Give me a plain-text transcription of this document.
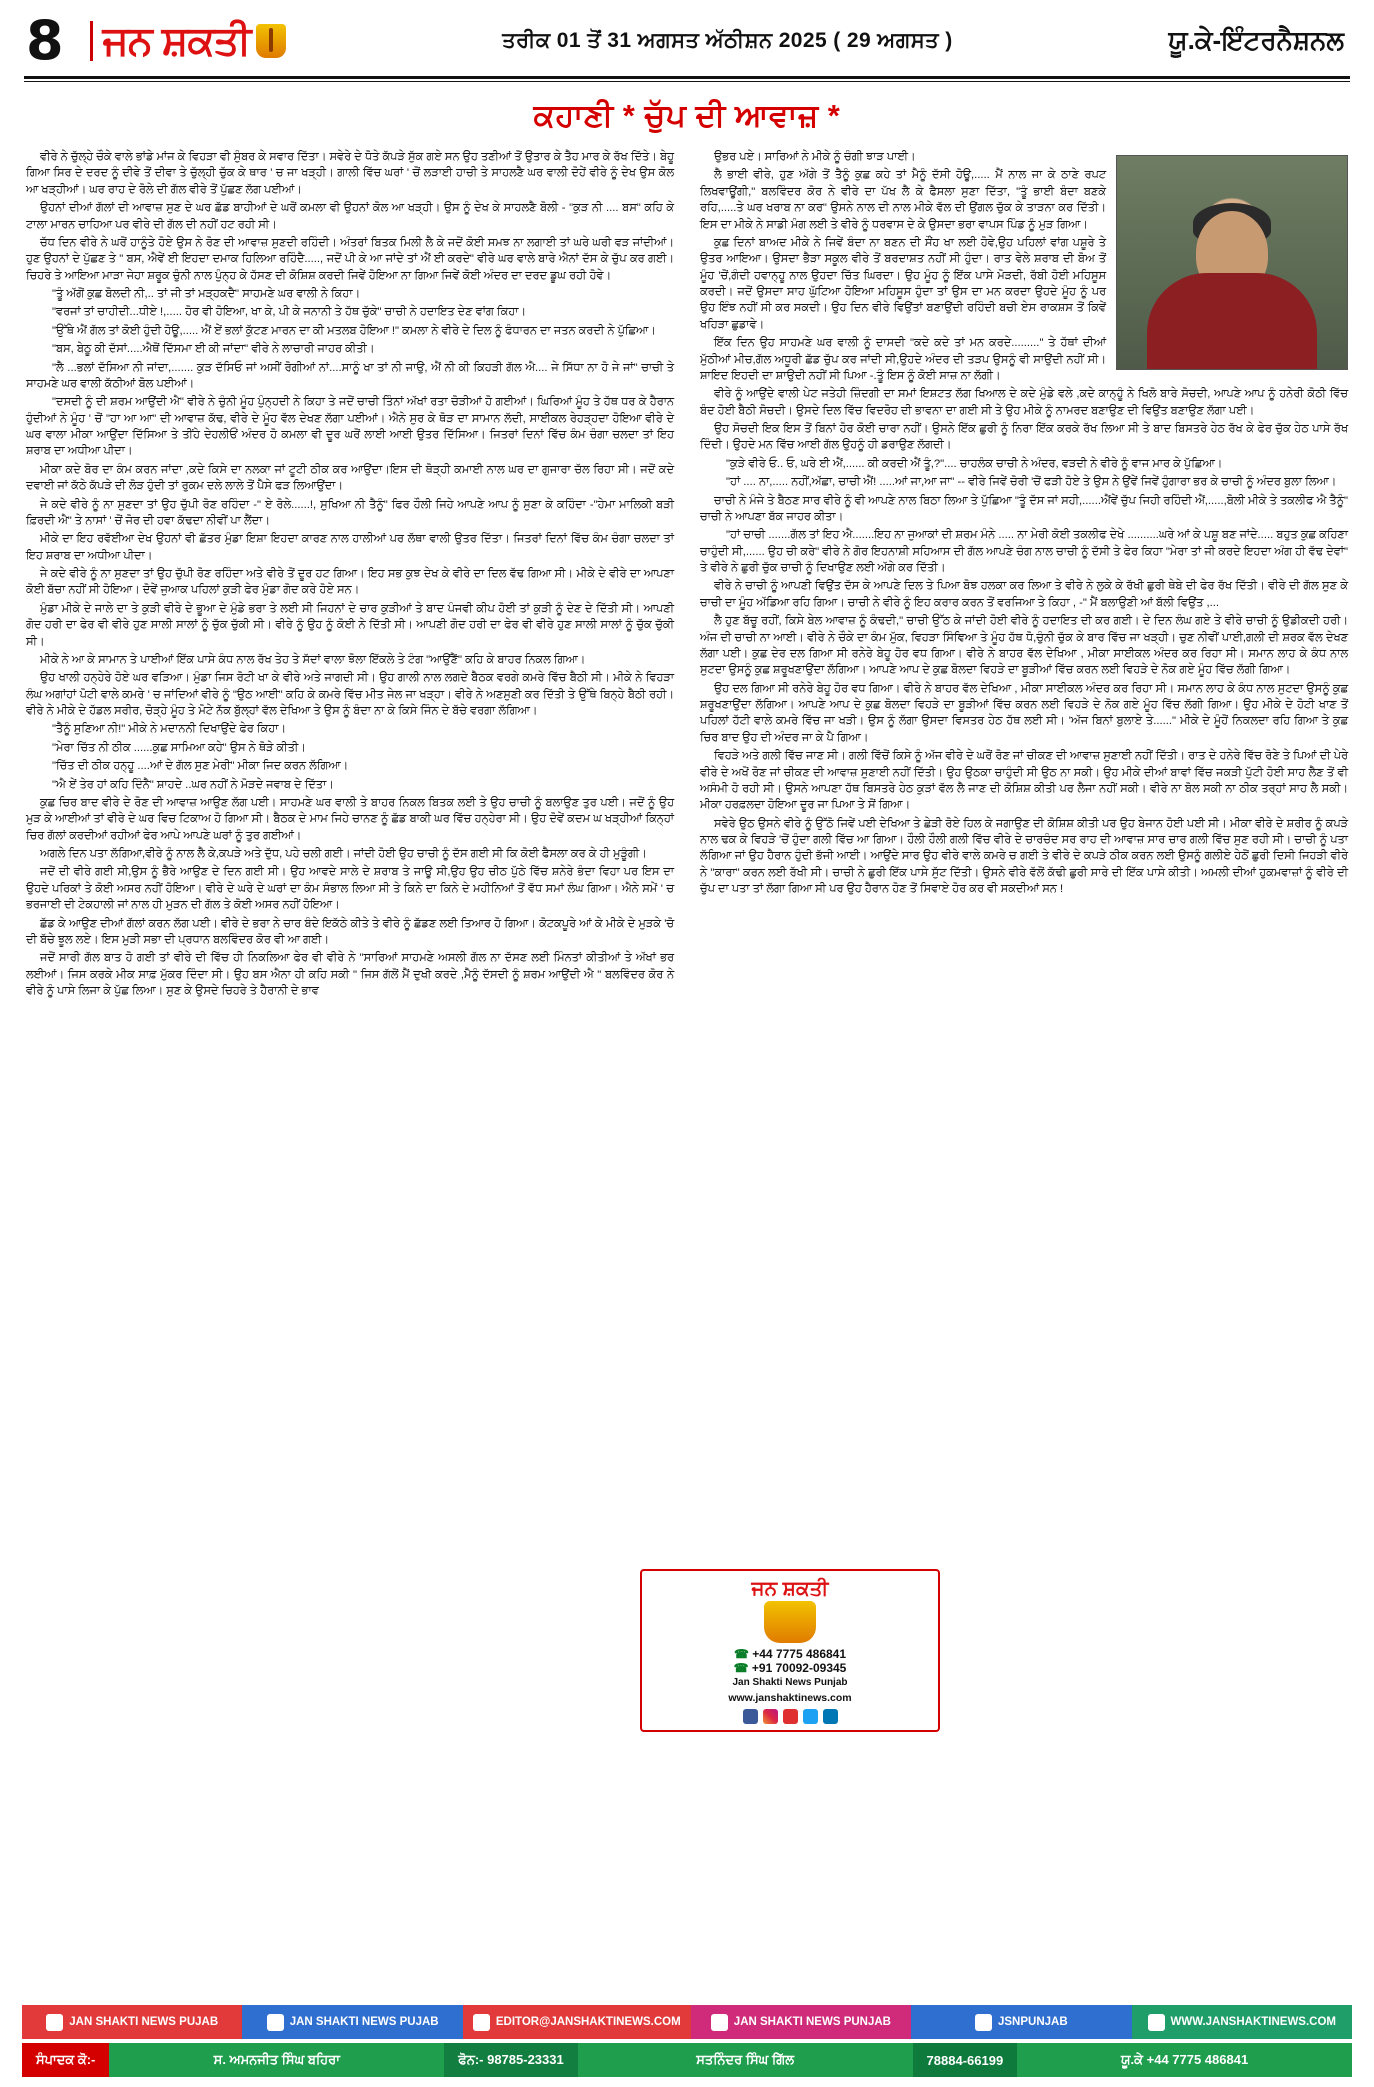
8 ਜਨ ਸ਼ਕਤੀ	ਤਰੀਕ 01 ਤੋਂ 31 ਅਗਸਤ ਅੱਠੀਸ਼ਨ 2025 ( 29 ਅਗਸਤ )	ਯੂ.ਕੇ-ਇੰਟਰਨੈਸ਼ਨਲ
ਕਹਾਣੀ * ਚੁੱਪ ਦੀ ਆਵਾਜ਼ *

ਵੀਰੇ ਨੇ ਚੁੱਲ੍ਹੇ ਚੌਕੇ ਵਾਲੇ ਭਾਂਡੇ ਮਾਂਜ ਕੇ ਵਿਹੜਾ ਵੀ ਸੁੰਬਰ ਕੇ ਸਵਾਰ ਦਿੱਤਾ। ਸਵੇਰੇ ਦੇ ਧੋਤੇ ਕੱਪੜੇ ਸੁੱਕ ਗਏ ਸਨ ਉਹ ਤਣੀਆਂ ਤੋਂ ਉਤਾਰ ਕੇ ਤੈਹ ਮਾਰ ਕੇ ਰੱਖ ਦਿੱਤੇ। ਬੇਹੂ ਗਿਆ ਸਿਰ ਦੇ ਦਰਦ ਨੂੰ ਦੀਵੇ ਤੋਂ ਦੀਵਾ ਤੇ ਚੁੱਲ੍ਹੀ ਚੁੱਕ ਕੇ ਥਾਰ ' ਚ ਜਾ ਖੜ੍ਹੀ। ਗਾਲੀ ਵਿੱਚ ਘਰਾਂ ' ਚੋਂ ਲੜਾਈ ਹਾਚੀ ਤੇ ਸਾਹਲਣੈ ਘਰ ਵਾਲੀ ਦੋਹੇਂ ਵੀਰੇ ਨੂੰ ਦੇਖ ਉਸ ਕੋਲ ਆ ਖੜ੍ਹੀਆਂ। ਘਰ ਰਾਹ ਦੇ ਰੋਲੇ ਦੀ ਗੱਲ ਵੀਰੇ ਤੋਂ ਪੁੱਛਣ ਲੱਗ ਪਈਆਂ।

ਉਹਨਾਂ ਦੀਆਂ ਗੱਲਾਂ ਦੀ ਆਵਾਜ਼ ਸੁਣ ਦੇ ਘਰ ਛੱਡ ਬਾਹੀਆਂ ਦੇ ਘਰੋਂ ਕਮਲਾ ਵੀ ਉਹਨਾਂ ਕੋਲ ਆ ਖੜ੍ਹੀ। ਉਸ ਨੂੰ ਦੇਖ ਕੇ ਸਾਹਲਣੈ ਬੋਲੀ - "ਕੁੜ ਨੀ .... ਬਸ" ਕਹਿ ਕੇ ਟਾਲਾ ਮਾਰਨ ਚਾਹਿਆ ਪਰ ਵੀਰੇ ਦੀ ਗੱਲ ਦੀ ਨਹੀਂ ਹਟ ਰਹੀ ਸੀ।

ਚੱਧ ਦਿਨ ਵੀਰੇ ਨੇ ਘਰੋਂ ਹਾਨੂੰਤੇ ਹੋਏ ਉਸ ਨੇ ਰੋਣ ਦੀ ਆਵਾਜ਼ ਸੁਣਦੀ ਰਹਿੰਦੀ। ਅੰਤਰਾਂ ਬਿਤਕ ਮਿਲੀ ਲੈ ਕੇ ਜਦੋਂ ਕੋਈ ਸਮਝ ਨਾ ਲਗਾਈ ਤਾਂ ਘਰੇ ਘਰੀ ਵੜ ਜਾਂਦੀਆਂ। ਹੁਣ ਉਹਨਾਂ ਦੇ ਪੁੱਛਣ ਤੇ " ਬਸ, ਐਵੇਂ ਈ ਇਹਦਾ ਦਮਾਕ ਹਿਲਿਆ ਰਹਿੰਦੈ....., ਜਦੋਂ ਪੀ ਕੇ ਆ ਜਾਂਦੇ ਤਾਂ ਐਂ ਈ ਕਰਦੇ" ਵੀਰੇ ਘਰ ਵਾਲੇ ਬਾਰੇ ਐਨਾਂ ਦੱਸ ਕੇ ਚੁੱਪ ਕਰ ਗਈ। ਚਿਹਰੇ ਤੇ ਆਇਆ ਮਾੜਾ ਜੇਹਾ ਸ਼ਰੂਕ ਚੁੰਨੀ ਨਾਲ ਪੁੰਨ੍ਹ ਕੇ ਹੱਸਣ ਦੀ ਕੋਸ਼ਿਸ਼ ਕਰਦੀ ਜਿਵੇਂ ਹੋਇਆ ਨਾ ਗਿਆ ਜਿਵੇਂ ਕੋਈ ਅੰਦਰ ਦਾ ਦਰਦ ਡੂਘ ਰਹੀ ਹੋਵੇ।

"ਤੂੰ ਅੱਗੋਂ ਕੁਛ ਬੋਲਦੀ ਨੀ,.. ਤਾਂ ਜੀ ਤਾਂ ਮੜ੍ਹਕਦੈ" ਸਾਹਮਣੇ ਘਰ ਵਾਲੀ ਨੇ ਕਿਹਾ।

"ਵਰਜਾਂ ਤਾਂ ਚਾਹੀਦੀ...ਧੀਏ !,..... ਹੋਰ ਵੀ ਹੋਇਆ, ਖਾ ਕੇ, ਪੀ ਕੇ ਜਨਾਨੀ ਤੇ ਹੱਥ ਚੁੱਕੇ" ਚਾਚੀ ਨੇ ਹਦਾਇਤ ਦੇਣ ਵਾਂਗ ਕਿਹਾ।

"ਉੱਥੇ ਐਂ ਗੱਲ ਤਾਂ ਕੋਈ ਹੁੰਦੀ ਹੋਊ,..... ਐਂ ਏਂ ਭਲਾਂ ਕੁੱਟਣ ਮਾਰਨ ਦਾ ਕੀ ਮਤਲਬ ਹੋਇਆ !" ਕਮਲਾ ਨੇ ਵੀਰੇ ਦੇ ਦਿਲ ਨੂੰ ਫੰਧਾਰਨ ਦਾ ਜਤਨ ਕਰਦੀ ਨੇ ਪੁੱਛਿਆ।

"ਬਸ, ਬੇਠੂ ਕੀ ਦੱਸਾਂ.....ਐਥੋਂ ਦਿੱਸਮਾ ਈ ਕੀ ਜਾਂਦਾ" ਵੀਰੇ ਨੇ ਲਾਚਾਰੀ ਜਾਹਰ ਕੀਤੀ।

"ਲੈ ...ਭਲਾਂ ਦੱਸਿਆ ਨੀ ਜਾਂਦਾ,....... ਕੁੜ ਦੱਸਿਓ ਜਾਂ ਅਸੀਂ ਰੋਗੀਆਂ ਨਾਂ....ਸਾਨੂੰ ਖਾ ਤਾਂ ਨੀ ਜਾਉ, ਐਂ ਨੀ ਕੀ ਕਿਹੜੀ ਗੱਲ ਐ.... ਜੇ ਸਿੱਧਾ ਨਾ ਹੋ ਜੇ ਜਾਂ" ਚਾਚੀ ਤੇ ਸਾਹਮਣੇ ਘਰ ਵਾਲੀ ਕੱਠੀਆਂ ਬੋਲ ਪਈਆਂ।

"ਦਸਦੀ ਨੂੰ ਦੀ ਸ਼ਰਮ ਆਉਂਦੀ ਐ" ਵੀਰੇ ਨੇ ਚੁੰਨੀ ਮੂੰਹ ਪੁੰਨ੍ਹਦੀ ਨੇ ਕਿਹਾ ਤੇ ਜਦੋਂ ਚਾਚੀ ਤਿੰਨਾਂ ਅੱਖਾਂ ਰਤਾ ਚੋੜੀਆਂ ਹੋ ਗਈਆਂ। ਘਿਰਿਆਂ ਮੂੰਹ ਤੇ ਹੱਥ ਧਰ ਕੇ ਹੈਰਾਨ ਹੁੰਦੀਆਂ ਨੇ ਮੂੰਹ ' ਚੋਂ "ਹਾ ਆ ਆ" ਦੀ ਆਵਾਜ਼ ਕੱਢ, ਵੀਰੇ ਦੇ ਮੂੰਹ ਵੱਲ ਦੇਖਣ ਲੱਗਾ ਪਈਆਂ। ਐਨੇ ਸੁਰ ਕੇ ਥੋੜ ਦਾ ਸਾਮਾਨ ਲੱਦੀ, ਸਾਈਕਲ ਰੇਹੜ੍ਹਦਾ ਹੋਇਆ ਵੀਰੇ ਦੇ ਘਰ ਵਾਲਾ ਮੀਕਾ ਆਉਂਦਾ ਦਿੱਸਿਆ ਤੇ ਤੀਂਹੇ ਦੇਹਲੀਓਂ ਅੰਦਰ ਹੋ ਕਮਲਾ ਵੀ ਦੂਰ ਘਰੋਂ ਲਾਈ ਆਈ ਉਤਰ ਦਿੱਸਿਆ। ਜਿਤਰਾਂ ਦਿਨਾਂ ਵਿੱਚ ਕੰਮ ਚੰਗਾ ਚਲਦਾ ਤਾਂ ਇਹ ਸ਼ਰਾਬ ਦਾ ਅਧੀਆ ਪੀਦਾ।

ਮੀਕਾ ਕਦੇ ਬੋਰ ਦਾ ਕੰਮ ਕਰਨ ਜਾਂਦਾ ,ਕਦੇ ਕਿਸੇ ਦਾ ਨਲਕਾ ਜਾਂ ਟੂਟੀ ਠੀਕ ਕਰ ਆਉਂਦਾ।ਇਸ ਦੀ ਥੋੜ੍ਹੀ ਕਮਾਈ ਨਾਲ ਘਰ ਦਾ ਗੁਜਾਰਾ ਚੱਲ ਰਿਹਾ ਸੀ। ਜਦੋਂ ਕਦੇ ਦਵਾਈ ਜਾਂ ਕੱਠੇ ਕੱਪੜੇ ਦੀ ਲੋੜ ਹੁੰਦੀ ਤਾਂ ਰੁਕਮ ਦਲੇ ਲਾਲੇ ਤੋਂ ਪੈਸੇ ਫੜ ਲਿਆਉਂਦਾ।

ਜੇ ਕਦੇ ਵੀਰੇ ਨੂੰ ਨਾ ਸੁਣਦਾ ਤਾਂ ਉਹ ਚੁੱਪੀ ਰੋਣ ਰਹਿੰਦਾ -" ਏ ਰੋਲੇ......!, ਸੁਖਿਆ ਨੀ ਤੈਨੂੰ" ਫਿਰ ਹੌਲੀ ਜਿਹੇ ਆਪਣੇ ਆਪ ਨੂੰ ਸੁਣਾ ਕੇ ਕਹਿੰਦਾ -"ਹੇਮਾ ਮਾਲਿਕੀ ਬੜੀ ਫ਼ਿਰਦੀ ਐ" ਤੇ ਨਾਸਾਂ ' ਚੋਂ ਜੋਰ ਦੀ ਹਵਾ ਕੱਢਦਾ ਨੀਵੀਂ ਪਾ ਲੈਂਦਾ।

ਮੀਕੇ ਦਾ ਇਹ ਰਵੱਈਆ ਦੇਖ ਉਹਨਾਂ ਵੀ ਛੱਤਰ ਮੁੰਡਾ ਇਸ਼ਾ ਇਹਦਾ ਕਾਰਣ ਨਾਲ ਹਾਲੀਆਂ ਪਰ ਲੱਥਾ ਵਾਲੀ ਉਤਰ ਦਿੱਤਾ। ਜਿਤਰਾਂ ਦਿਨਾਂ ਵਿੱਚ ਕੰਮ ਚੰਗਾ ਚਲਦਾ ਤਾਂ ਇਹ ਸ਼ਰਾਬ ਦਾ ਅਧੀਆ ਪੀਦਾ।

ਜੇ ਕਦੇ ਵੀਰੇ ਨੂੰ ਨਾ ਸੁਣਦਾ ਤਾਂ ਉਹ ਚੁੱਪੀ ਰੋਣ ਰਹਿੰਦਾ ਅਤੇ ਵੀਰੇ ਤੋਂ ਦੂਰ ਹਟ ਗਿਆ। ਇਹ ਸਭ ਕੁਝ ਦੇਖ ਕੇ ਵੀਰੇ ਦਾ ਦਿਲ ਵੱਢ ਗਿਆ ਸੀ। ਮੀਕੇ ਦੇ ਵੀਰੇ ਦਾ ਆਪਣਾ ਕੋਈ ਬੱਚਾ ਨਹੀਂ ਸੀ ਹੋਇਆ। ਦੋਵੇਂ ਜੁਆਕ ਪਹਿਲਾਂ ਕੁੜੀ ਫੇਰ ਮੁੰਡਾ ਗੋਦ ਕਰੇ ਹੋਏ ਸਨ।

ਮੁੰਡਾ ਮੀਕੇ ਦੇ ਜਾਲੇ ਦਾ ਤੇ ਕੁੜੀ ਵੀਰੇ ਦੇ ਭੂਆ ਦੇ ਮੁੰਡੇ ਭਰਾ ਤੇ ਲਈ ਸੀ ਜਿਹਨਾਂ ਦੇ ਚਾਰ ਕੁੜੀਆਂ ਤੇ ਬਾਦ ਪੰਜਵੀ ਕੀਪ ਹੋਈ ਤਾਂ ਕੁੜੀ ਨੂੰ ਦੇਣ ਦੇ ਦਿੱਤੀ ਸੀ। ਆਪਣੀ ਗੋਦ ਹਰੀ ਦਾ ਫੇਰ ਵੀ ਵੀਰੇ ਹੁਣ ਸਾਲੀ ਸਾਲਾਂ ਨੂੰ ਚੁੱਕ ਚੁੱਕੀ ਸੀ। ਵੀਰੇ ਨੂੰ ਉਹ ਨੂੰ ਕੋਈ ਨੇ ਦਿੱਤੀ ਸੀ। ਆਪਣੀ ਗੋਦ ਹਰੀ ਦਾ ਫੇਰ ਵੀ ਵੀਰੇ ਹੁਣ ਸਾਲੀ ਸਾਲਾਂ ਨੂੰ ਚੁੱਕ ਚੁੱਕੀ ਸੀ।

ਮੀਕੇ ਨੇ ਆ ਕੇ ਸਾਮਾਨ ਤੇ ਪਾਈਆਂ ਇੱਕ ਪਾਸੇ ਕੰਧ ਨਾਲ ਰੱਖ ਤੇਹ ਤੇ ਸੱਦਾਂ ਵਾਲਾ ਝੋਲਾ ਇੱਕਲੇ ਤੇ ਟੰਗ "ਆਉਂਣੈਂ" ਕਹਿ ਕੇ ਬਾਹਰ ਨਿਕਲ ਗਿਆ।

ਉਹ ਖਾਲੀ ਹਨ੍ਹੇਰੇ ਹੋਏ ਘਰ ਵੜਿਆ। ਮੁੰਡਾ ਜਿਸ ਰੋਟੀ ਖਾ ਕੇ ਵੀਰੇ ਅਤੇ ਜਾਗਦੀ ਸੀ। ਉਹ ਗਾਲੀ ਨਾਲ ਲਗਦੇ ਬੈਠਕ ਵਰਗੇ ਕਮਰੇ ਵਿੱਚ ਬੈਠੀ ਸੀ। ਮੀਕੇ ਨੇ ਵਿਹੜਾ ਲੰਘ ਅਗਾਂਹਾਂ ਪੋਟੀ ਵਾਲੇ ਕਮਰੇ ' ਚ ਜਾਂਦਿਆਂ ਵੀਰੇ ਨੂੰ "ਉਠ ਆਈ" ਕਹਿ ਕੇ ਕਮਰੇ ਵਿੱਚ ਮੀਤ ਜੇਲ ਜਾ ਖੜ੍ਹਾ। ਵੀਰੇ ਨੇ ਅਣਸੁਣੀ ਕਰ ਦਿੱਤੀ ਤੇ ਉੱਥੇ ਬਿਨ੍ਹੇ ਬੈਠੀ ਰਹੀ। ਵੀਰੇ ਨੇ ਮੀਕੇ ਦੇ ਹੱਡਲ ਸਰੀਰ, ਚੋੜ੍ਹੇ ਮੂੰਹ ਤੇ ਮੋਟੇ ਨੱਕ ਬੁੱਲ੍ਹਾਂ ਵੱਲ ਦੇਖਿਆ ਤੇ ਉਸ ਨੂੰ ਬੰਦਾ ਨਾ ਕੇ ਕਿਸੇ ਜਿੰਨ ਦੇ ਬੱਚੇ ਵਰਗਾ ਲੱਗਿਆ।

"ਤੈਨੂੰ ਸੁਣਿਆ ਨੀ!" ਮੀਕੇ ਨੇ ਮਦਾਨਨੀ ਦਿਖਾਉਂਦੇ ਫੇਰ ਕਿਹਾ।

"ਮੇਰਾ ਚਿੱਤ ਨੀ ਠੀਕ ......ਕੁਛ ਸਾਮਿਆ ਕਹੇ" ਉਸ ਨੇ ਥੋੜੇ ਕੀਤੀ।

"ਚਿੱਤ ਦੀ ਠੀਕ ਹਨ੍ਹੂ ....ਆਂ ਦੇ ਗੱਲ ਸੁਣ ਮੇਰੀ" ਮੀਕਾ ਜਿਦ ਕਰਨ ਲੱਗਿਆ।

"ਐ ਏਂ ਤੇਰ ਹਾਂ ਕਹਿ ਦਿੰਨੈ" ਸ਼ਾਹਦੇ ..ਘਰ ਨਹੀਂ ਨੇ ਮੋੜਦੇ ਜਵਾਬ ਦੇ ਦਿੱਤਾ।

ਕੁਛ ਚਿਰ ਬਾਦ ਵੀਰੇ ਦੇ ਰੋਣ ਦੀ ਆਵਾਜ਼ ਆਉਣ ਲੱਗ ਪਈ। ਸਾਹਮਣੇ ਘਰ ਵਾਲੀ ਤੇ ਬਾਹਰ ਨਿਕਲ ਬਿਤਕ ਲਈ ਤੇ ਉਹ ਚਾਚੀ ਨੂੰ ਬਲਾਉਣ ਤੁਰ ਪਈ। ਜਦੋਂ ਨੂੰ ਉਹ ਮੁੜ ਕੇ ਆਈਆਂ ਤਾਂ ਵੀਰੇ ਦੇ ਘਰ ਵਿਚ ਟਿਕਾਅ ਹੋ ਗਿਆ ਸੀ। ਬੈਠਕ ਦੇ ਮਾਮ ਜਿਹੇ ਚਾਨਣ ਨੂੰ ਛੱਡ ਬਾਕੀ ਘਰ ਵਿੱਚ ਹਨ੍ਹੇਰਾ ਸੀ। ਉਹ ਦੋਵੇਂ ਕਦਮ ਘ ਖੜ੍ਹੀਆਂ ਕਿਨ੍ਹਾਂ ਚਿਰ ਗੱਲਾਂ ਕਰਦੀਆਂ ਰਹੀਆਂ ਫੇਰ ਆਪੇ ਆਪਣੇ ਘਰਾਂ ਨੂੰ ਤੁਰ ਗਈਆਂ।

ਅਗਲੇ ਦਿਨ ਪਤਾ ਲੱਗਿਆ,ਵੀਰੇ ਨੂੰ ਨਾਲ ਲੈ ਕੇ,ਕਪੜੇ ਅਤੇ ਦੁੱਧ, ਪਹੇ ਚਲੀ ਗਈ। ਜਾਂਦੀ ਹੋਈ ਉਹ ਚਾਚੀ ਨੂੰ ਦੱਸ ਗਈ ਸੀ ਕਿ ਕੋਈ ਫੈਸਲਾ ਕਰ ਕੇ ਹੀ ਮੁੜੂੰਗੀ।

ਜਦੋਂ ਦੀ ਵੀਰੇ ਗਈ ਸੀ,ਉਸ ਨੂੰ ਭੈਰੇ ਆਉਣ ਦੇ ਦਿਨ ਗਈ ਸੀ। ਉਹ ਆਵਦੇ ਸਾਲੇ ਦੇ ਸ਼ਰਾਬ ਤੇ ਜਾਊ ਸੀ,ਉਹ ਉਹ ਚੀਠ ਪੁੱਠੇ ਵਿੱਚ ਸ਼ਨੇਰੇ ਭੰਦਾ ਵਿਹਾ ਪਰ ਇਸ ਦਾ ਉਹਦੇ ਪਰਿਕਾਂ ਤੇ ਕੋਈ ਅਸਰ ਨਹੀਂ ਹੋਇਆ। ਵੀਰੇ ਦੇ ਘਰੇ ਦੇ ਘਰਾਂ ਦਾ ਕੰਮ ਸੰਭਾਲ ਲਿਆ ਸੀ ਤੇ ਕਿਨੇ ਦਾ ਕਿਨੇ ਦੇ ਮਹੀਨਿਆਂ ਤੋਂ ਵੱਧ ਸਮਾਂ ਲੰਘ ਗਿਆ। ਐਨੇ ਸਮੇਂ ' ਚ ਭਰਜਾਈ ਦੀ ਟੇਕਹਾਲੀ ਜਾਂ ਨਾਲ ਹੀ ਮੁੜਨ ਦੀ ਗੱਲ ਤੇ ਕੋਈ ਅਸਰ ਨਹੀਂ ਹੋਇਆ।

ਛੱਡ ਕੇ ਆਉਣ ਦੀਆਂ ਗੱਲਾਂ ਕਰਨ ਲੱਗ ਪਈ। ਵੀਰੇ ਦੇ ਭਰਾ ਨੇ ਚਾਰ ਬੰਦੇ ਇਕੱਠੇ ਕੀਤੇ ਤੇ ਵੀਰੇ ਨੂੰ ਛੱਡਣ ਲਈ ਤਿਆਰ ਹੋ ਗਿਆ। ਕੋਟਕਪੂਰੇ ਆਂ ਕੇ ਮੀਕੇ ਦੇ ਮੁੜਕੇ 'ਚੋ ਦੀ ਬੱਚੇ ਝੂਲ ਲਏ। ਇਸ ਮੁੜੀ ਸਭਾ ਦੀ ਪ੍ਰਧਾਨ ਬਲਵਿੰਦਰ ਕੋਰ ਵੀ ਆ ਗਈ।

ਜਦੋਂ ਸਾਰੀ ਗੱਲ ਬਾਤ ਹੋ ਗਈ ਤਾਂ ਵੀਰੇ ਦੀ ਵਿੱਚ ਹੀ ਨਿਕਲਿਆ ਫੇਰ ਵੀ ਵੀਰੇ ਨੇ "ਸਾਰਿਆਂ ਸਾਹਮਣੇ ਅਸਲੀ ਗੱਲ ਨਾ ਦੱਸਣ ਲਈ ਮਿੰਨਤਾਂ ਕੀਤੀਆਂ ਤੇ ਅੱਖਾਂ ਭਰ ਲਈਆਂ। ਜਿਸ ਕਰਕੇ ਮੀਕ ਸਾਫ਼ ਮੁੱਕਰ ਦਿੰਦਾ ਸੀ। ਉਹ ਬਸ ਐਨਾ ਹੀ ਕਹਿ ਸਕੀ " ਜਿਸ ਗੱਲੋਂ ਮੈਂ ਦੁਖੀ ਕਰਦੇ ,ਮੈਨੂੰ ਦੱਸਦੀ ਨੂੰ ਸ਼ਰਮ ਆਉਂਦੀ ਐ " ਬਲਵਿੰਦਰ ਕੋਰ ਨੇ ਵੀਰੇ ਨੂੰ ਪਾਸੇ ਲਿਜਾ ਕੇ ਪੁੱਛ ਲਿਆ। ਸੁਣ ਕੇ ਉਸਦੇ ਚਿਹਰੇ ਤੇ ਹੈਰਾਨੀ ਦੇ ਭਾਵ

ਉਭਰ ਪਏ। ਸਾਰਿਆਂ ਨੇ ਮੀਕੇ ਨੂੰ ਚੰਗੀ ਝਾੜ ਪਾਈ।

ਲੈ ਭਾਈ ਵੀਰੇ, ਹੁਣ ਅੱਗੇ ਤੋਂ ਤੈਨੂੰ ਕੁਛ ਕਹੇ ਤਾਂ ਮੈਨੂੰ ਦੱਸੀ ਹੋਊ,..... ਮੈਂ ਨਾਲ ਜਾ ਕੇ ਠਾਣੇ ਰਪਟ ਲਿਖਵਾਊਂਗੀ," ਬਲਵਿੰਦਰ ਕੋਰ ਨੇ ਵੀਰੇ ਦਾ ਪੱਖ ਲੈ ਕੇ ਫੈਸਲਾ ਸੁਣਾ ਦਿੱਤਾ, "ਤੂੰ ਭਾਈ ਬੰਦਾ ਬਣਕੇ ਰਹਿ,.....ਤੇ ਘਰ ਖਰਾਬ ਨਾ ਕਰ" ਉਸਨੇ ਨਾਲ ਦੀ ਨਾਲ ਮੀਕੇ ਵੱਲ ਦੀ ਉਂਗਲ ਚੁੱਕ ਕੇ ਤਾੜਨਾ ਕਰ ਦਿੱਤੀ। ਇਸ ਦਾ ਮੀਕੇ ਨੇ ਸਾਡੀ ਮੰਗ ਲਈ ਤੇ ਵੀਰੇ ਨੂੰ ਧਰਵਾਸ ਦੇ ਕੇ ਉਸਦਾ ਭਰਾ ਵਾਪਸ ਪਿੰਡ ਨੂੰ ਮੁੜ ਗਿਆ।

ਕੁਛ ਦਿਨਾਂ ਬਾਅਦ ਮੀਕੇ ਨੇ ਜਿਵੇਂ ਬੰਦਾ ਨਾ ਬਣਨ ਦੀ ਸੌਂਹ ਖਾ ਲਈ ਹੋਵੇ,ਉਹ ਪਹਿਲਾਂ ਵਾਂਗ ਪਸ਼ੂਰੇ ਤੇ ਉਤਰ ਆਇਆ। ਉਸਦਾ ਭੈੜਾ ਸਕੂਲ ਵੀਰੇ ਤੋਂ ਬਰਦਾਸ਼ਤ ਨਹੀਂ ਸੀ ਹੁੰਦਾ। ਰਾਤ ਵੇਲੇ ਸ਼ਰਾਬ ਦੀ ਬੋਅ ਤੋਂ ਮੂੰਹ 'ਚੋਂ,ਗੰਦੀ ਹਵਾਨ੍ਹੂ ਨਾਲ ਉਹਦਾ ਚਿੱਤ ਘਿਰਦਾ। ਉਹ ਮੂੰਹ ਨੂੰ ਇੱਕ ਪਾਸੇ ਮੋੜਦੀ, ਰੱਬੀ ਹੋਈ ਮਹਿਸੂਸ ਕਰਦੀ। ਜਦੋਂ ਉਸਦਾ ਸਾਹ ਘੁੱਟਿਆ ਹੋਇਆ ਮਹਿਸੂਸ ਹੁੰਦਾ ਤਾਂ ਉਸ ਦਾ ਮਨ ਕਰਦਾ ਉਹਦੇ ਮੂੰਹ ਨੂੰ ਪਰ ਉਹ ਇੰਝ ਨਹੀਂ ਸੀ ਕਰ ਸਕਦੀ। ਉਹ ਦਿਨ ਵੀਰੇ ਵਿਉਂਤਾਂ ਬਣਾਉਂਦੀ ਰਹਿੰਦੀ ਬਚੀ ਏਸ ਰਾਕਸ਼ਸ ਤੋਂ ਕਿਵੇਂ ਖਹਿੜਾ ਛੁਡਾਵੇ।

ਇੱਕ ਦਿਨ ਉਹ ਸਾਹਮਣੇ ਘਰ ਵਾਲੀ ਨੂੰ ਦਾਸਦੀ "ਕਦੇ ਕਦੇ ਤਾਂ ਮਨ ਕਰਦੇ........." ਤੇ ਹੱਥਾਂ ਦੀਆਂ ਮੁੱਠੀਆਂ ਮੀਚ,ਗੱਲ ਅਧੂਰੀ ਛੱਡ ਚੁੱਪ ਕਰ ਜਾਂਦੀ ਸੀ,ਉਹਦੇ ਅੰਦਰ ਦੀ ਤੜਪ ਉਸਨੂੰ ਵੀ ਸਾਉਂਦੀ ਨਹੀਂ ਸੀ। ਸ਼ਾਇਦ ਇਹਦੀ ਦਾ ਸ਼ਾਉਦੀ ਨਹੀਂ ਸੀ ਪਿਆ -.ਤੂੰ ਇਸ ਨੂੰ ਕੋਈ ਸਾਜ਼ ਨਾ ਲੱਗੀ।

ਵੀਰੇ ਨੂੰ ਆਉਂਦੇ ਵਾਲੀ ਪੇਟ ਜਤੇਹੀ ਜ਼ਿੰਦਗੀ ਦਾ ਸਮਾਂ ਇਸ਼ਟਤ ਲੱਗ ਖਿਆਲ ਦੇ ਕਦੇ ਮੁੰਡੇ ਵਲੇ ,ਕਦੇ ਕਾਨ੍ਹੂੰ ਨੇ ਖਿਲੋ ਬਾਰੇ ਸੋਚਦੀ, ਆਪਣੇ ਆਪ ਨੂੰ ਹਨੇਰੀ ਕੋਠੀ ਵਿੱਚ ਬੰਦ ਹੋਈ ਬੈਠੀ ਸੋਚਦੀ। ਉਸਦੇ ਦਿਲ ਵਿੱਚ ਵਿਦਰੋਹ ਦੀ ਭਾਵਨਾ ਦਾ ਗਈ ਸੀ ਤੇ ਉਹ ਮੀਕੇ ਨੂੰ ਨਾਮਰਦ ਬਣਾਉਣ ਦੀ ਵਿਉਂਤ ਬਣਾਉਣ ਲੱਗਾ ਪਈ।

ਉਹ ਸੋਚਦੀ ਇਕ ਇਸ ਤੋਂ ਬਿਨਾਂ ਹੋਰ ਕੋਈ ਚਾਰਾ ਨਹੀਂ। ਉਸਨੇ ਇੱਕ ਛੁਰੀ ਨੂੰ ਨਿਰਾ ਇੱਕ ਕਰਕੇ ਰੱਖ ਲਿਆ ਸੀ ਤੇ ਬਾਦ ਬਿਸਤਰੇ ਹੇਠ ਰੱਖ ਕੇ ਫੇਰ ਚੁੱਕ ਹੇਠ ਪਾਸੇ ਰੱਖ ਦਿੰਦੀ। ਉਹਦੇ ਮਨ ਵਿੱਚ ਆਈ ਗੱਲ ਉਹਨੂੰ ਹੀ ਡਰਾਉਣ ਲੱਗਦੀ।

"ਕੁੜੇ ਵੀਰੇ ਓ.. ਓ, ਘਰੇ ਈ ਐਂ,...... ਕੀ ਕਰਦੀ ਐਂ ਤੂੰ,?".... ਚਾਹਲੰਕ ਚਾਚੀ ਨੇ ਅੰਦਰ, ਵੜਦੀ ਨੇ ਵੀਰੇ ਨੂੰ ਵਾਜ ਮਾਰ ਕੇ ਪੁੱਛਿਆ।

"ਹਾਂ .... ਨਾ,..... ਨਹੀਂ,ਅੱਛਾ, ਚਾਚੀ ਐਂ! .....ਆਂ ਜਾ,ਆ ਜਾ" -- ਵੀਰੇ ਜਿਵੇਂ ਚੋਰੀ 'ਚੋਂ ਫੜੀ ਹੋਏ ਤੇ ਉਸ ਨੇ ਉਂਵੇਂ ਜਿਵੇਂ ਹੁੰਗਾਰਾ ਭਰ ਕੇ ਚਾਚੀ ਨੂੰ ਅੰਦਰ ਬੁਲਾ ਲਿਆ।

ਚਾਚੀ ਨੇ ਮੰਜੇ ਤੇ ਬੈਠਣ ਸਾਰ ਵੀਰੇ ਨੂੰ ਵੀ ਆਪਣੇ ਨਾਲ ਬਿਠਾ ਲਿਆ ਤੇ ਪੁੱਛਿਆ "ਤੂੰ ਦੱਸ ਜਾਂ ਸਹੀ,......ਐਂਵੇਂ ਚੁੱਪ ਜਿਹੀ ਰਹਿੰਦੀ ਐਂ,.....,ਬੋਲੀ ਮੀਕੇ ਤੇ ਤਕਲੀਫ ਐ ਤੈਨੂੰ" ਚਾਚੀ ਨੇ ਆਪਣਾ ਬੱਕ ਜਾਹਰ ਕੀਤਾ।

"ਹਾਂ ਚਾਚੀ .......ਗੱਲ ਤਾਂ ਇਹ ਐ.......ਇਹ ਨਾ ਜੁਆਕਾਂ ਦੀ ਸ਼ਰਮ ਮੰਨੇ ..... ਨਾ ਮੇਰੀ ਕੋਈ ਤਕਲੀਫ ਦੇਖੇ ..........ਘਰੇ ਆਂ ਕੇ ਪਸ਼ੂ ਬਣ ਜਾਂਦੇ..... ਬਹੁਤ ਕੁਛ ਕਹਿਣਾ ਚਾਹੁੰਦੀ ਸੀ,...... ਉਹ ਚੀ ਕਰੇ" ਵੀਰੇ ਨੇ ਗੋਰ ਇਹਨਾਸ਼ੀ ਸਹਿਆਸ ਦੀ ਗੱਲ ਆਪਣੇ ਚੰਗ ਨਾਲ ਚਾਚੀ ਨੂੰ ਦੱਸੀ ਤੇ ਫੇਰ ਕਿਹਾ "ਮੇਰਾ ਤਾਂ ਜੀ ਕਰਦੇ ਇਹਦਾ ਅੰਗ ਹੀ ਵੱਢ ਦੇਵਾਂ" ਤੇ ਵੀਰੇ ਨੇ ਛੁਰੀ ਚੁੱਕ ਚਾਚੀ ਨੂੰ ਦਿਖਾਉਣ ਲਈ ਅੱਗੇ ਕਰ ਦਿੱਤੀ।

ਵੀਰੇ ਨੇ ਚਾਚੀ ਨੂੰ ਆਪਣੀ ਵਿਉਂਤ ਦੱਸ ਕੇ ਆਪਣੇ ਦਿਲ ਤੇ ਪਿਆ ਬੋਝ ਹਲਕਾ ਕਰ ਲਿਆ ਤੇ ਵੀਰੇ ਨੇ ਲੁਕੇ ਕੇ ਰੱਖੀ ਛੁਰੀ ਥੇਬੇ ਦੀ ਫੇਰ ਰੱਖ ਦਿੱਤੀ। ਵੀਰੇ ਦੀ ਗੱਲ ਸੁਣ ਕੇ ਚਾਚੀ ਦਾ ਮੂੰਹ ਅੱਡਿਆ ਰਹਿ ਗਿਆ। ਚਾਚੀ ਨੇ ਵੀਰੇ ਨੂੰ ਇਹ ਕਰਾਰ ਕਰਨ ਤੋਂ ਵਰਜਿਆ ਤੇ ਕਿਹਾ , -" ਮੈਂ ਬਲਾਉਣੀ ਆਂ ਬੱਲੀ ਵਿਉਂਤ ,...

ਲੈ ਹੁਣ ਬੱਚੂ ਰਹੀਂ, ਕਿਸੇ ਬੇਲ ਆਵਾਜ਼ ਨੂੰ ਕੰਢਦੀ," ਚਾਚੀ ਉੱਠ ਕੇ ਜਾਂਦੀ ਹੋਈ ਵੀਰੇ ਨੂੰ ਹਦਾਇਤ ਦੀ ਕਰ ਗਈ। ਦੇ ਦਿਨ ਲੰਘ ਗਏ ਤੇ ਵੀਰੇ ਚਾਚੀ ਨੂੰ ਉਡੀਕਦੀ ਹਰੀ। ਅੰਜ ਦੀ ਚਾਚੀ ਨਾ ਆਈ। ਵੀਰੇ ਨੇ ਚੌਕੇ ਦਾ ਕੰਮ ਮੁੱਕ, ਵਿਹੜਾ ਸਿੰਞਿਆ ਤੇ ਮੂੰਹ ਹੱਥ ਧੋ,ਚੁੰਨੀ ਚੁੱਕ ਕੇ ਬਾਰ ਵਿੱਚ ਜਾ ਖੜ੍ਹੀ। ਚੁਣ ਨੀਵੀਂ ਪਾਈ,ਗਲੀ ਦੀ ਸ਼ਰਕ ਵੱਲ ਦੇਖਣ ਲੱਗਾ ਪਈ। ਕੁਛ ਦੇਰ ਦਲ ਗਿਆ ਸੀ ਰਨੇਰੇ ਬੇਹੂ ਹੋਰ ਵਧ ਗਿਆ। ਵੀਰੇ ਨੇ ਬਾਹਰ ਵੱਲ ਦੇਖਿਆ , ਮੀਕਾ ਸਾਈਕਲ ਅੰਦਰ ਕਰ ਰਿਹਾ ਸੀ। ਸਮਾਨ ਲਾਹ ਕੇ ਕੰਧ ਨਾਲ ਸੁਟਦਾ ਉਸਨੂੰ ਕੁਛ ਸ਼ਰੂਖਣਾਉਂਦਾ ਲੱਗਿਆ। ਆਪਣੇ ਆਪ ਦੇ ਕੁਛ ਬੋਲਦਾ ਵਿਹੜੇ ਦਾ ਬੂੜੀਆਂ ਵਿੱਚ ਕਰਨ ਲਈ ਵਿਹੜੇ ਦੇ ਨੋਕ ਗਏ ਮੂੰਹ ਵਿੱਚ ਲੱਗੀ ਗਿਆ।

ਉਹ ਦਲ ਗਿਆ ਸੀ ਰਨੇਰੇ ਬੇਹੂ ਹੋਰ ਵਧ ਗਿਆ। ਵੀਰੇ ਨੇ ਬਾਹਰ ਵੱਲ ਦੇਖਿਆ , ਮੀਕਾ ਸਾਈਕਲ ਅੰਦਰ ਕਰ ਰਿਹਾ ਸੀ। ਸਮਾਨ ਲਾਹ ਕੇ ਕੰਧ ਨਾਲ ਸੁਟਦਾ ਉਸਨੂੰ ਕੁਛ ਸ਼ਰੂਖਣਾਉਂਦਾ ਲੱਗਿਆ। ਆਪਣੇ ਆਪ ਦੇ ਕੁਛ ਬੋਲਦਾ ਵਿਹੜੇ ਦਾ ਬੂੜੀਆਂ ਵਿੱਚ ਕਰਨ ਲਈ ਵਿਹੜੇ ਦੇ ਨੋਕ ਗਏ ਮੂੰਹ ਵਿੱਚ ਲੱਗੀ ਗਿਆ। ਉਹ ਮੀਕੇ ਦੇ ਹੋਟੀ ਖਾਣ ਤੋਂ ਪਹਿਲਾਂ ਹੱਟੀ ਵਾਲੇ ਕਮਰੇ ਵਿੱਚ ਜਾ ਖੜੀ। ਉਸ ਨੂੰ ਲੱਗਾ ਉਸਦਾ ਵਿਸਤਰ ਹੇਠ ਹੱਥ ਲਈ ਸੀ। 'ਅੱਜ ਬਿਨਾਂ ਬੁਲਾਏ ਤੇ......" ਮੀਕੇ ਦੇ ਮੂੰਹੋਂ ਨਿਕਲਦਾ ਰਹਿ ਗਿਆ ਤੇ ਕੁਛ ਚਿਰ ਬਾਦ ਉਹ ਦੀ ਅੰਦਰ ਜਾ ਕੇ ਪੈ ਗਿਆ।

ਵਿਹੜੇ ਅਤੇ ਗਲੀ ਵਿੱਚ ਜਾਣ ਸੀ। ਗਲੀ ਵਿੱਚੋਂ ਕਿਸੇ ਨੂੰ ਅੱਜ ਵੀਰੇ ਦੇ ਘਰੋਂ ਰੋਣ ਜਾਂ ਚੀਕਣ ਦੀ ਆਵਾਜ਼ ਸੁਣਾਈ ਨਹੀਂ ਦਿੱਤੀ। ਰਾਤ ਦੇ ਹਨੇਰੇ ਵਿੱਚ ਰੋਣੇ ਤੇ ਪਿਆਂ ਦੀ ਪੇਰੇ ਵੀਰੇ ਦੇ ਅਖੋਂ ਰੋਣ ਜਾਂ ਚੀਕਣ ਦੀ ਆਵਾਜ਼ ਸੁਣਾਈ ਨਹੀਂ ਦਿੱਤੀ। ਉਹ ਉਠਕਾ ਚਾਹੁੰਦੀ ਸੀ ਉਠ ਨਾ ਸਕੀ। ਉਹ ਮੀਕੇ ਦੀਆਂ ਬਾਵਾਂ ਵਿੱਚ ਜਕੜੀ ਪੁੱਟੀ ਹੋਈ ਸਾਹ ਲੈਣ ਤੋਂ ਵੀ ਅਸੰਮੀ ਹੋ ਰਹੀ ਸੀ। ਉਸਨੇ ਆਪਣਾ ਹੱਥ ਬਿਸਤਰੇ ਹੇਠ ਕੁੜਾਂ ਵੱਲ ਲੈ ਜਾਣ ਦੀ ਕੋਸ਼ਿਸ਼ ਕੀਤੀ ਪਰ ਲੈਜਾ ਨਹੀਂ ਸਕੀ। ਵੀਰੇ ਨਾ ਬੋਲ ਸਕੀ ਨਾ ਠੀਕ ਤਰ੍ਹਾਂ ਸਾਹ ਲੈ ਸਕੀ। ਮੀਕਾ ਹਰਫ਼ਲਦਾ ਹੋਇਆ ਦੂਰ ਜਾ ਪਿਆ ਤੇ ਸੋਂ ਗਿਆ।

ਸਵੇਰੇ ਉਠ ਉਸਨੇ ਵੀਰੇ ਨੂੰ ਉੱਠੋ ਜਿਵੇਂ ਪਈ ਦੇਖਿਆ ਤੇ ਛੇੜੀ ਰੋਏ ਹਿਲ ਕੇ ਜਗਾਉਣ ਦੀ ਕੋਸ਼ਿਸ਼ ਕੀਤੀ ਪਰ ਉਹ ਬੇਜਾਨ ਹੋਈ ਪਈ ਸੀ। ਮੀਕਾ ਵੀਰੇ ਦੇ ਸ਼ਰੀਰ ਨੂੰ ਕਪੜੇ ਨਾਲ ਢਕ ਕੇ ਵਿਹੜੇ 'ਚੋਂ ਹੁੰਦਾ ਗਲੀ ਵਿੱਚ ਆ ਗਿਆ। ਹੌਲੀ ਹੌਲੀ ਗਲੀ ਵਿੱਚ ਵੀਰੇ ਦੇ ਚਾਰਚੰਦ ਸਰ ਰਾਹ ਦੀ ਆਵਾਜ਼ ਸਾਰ ਚਾਰ ਗਲੀ ਵਿੱਚ ਸੁਣ ਰਹੀ ਸੀ। ਚਾਚੀ ਨੂੰ ਪਤਾ ਲੱਗਿਆ ਜਾਂ ਉਹ ਹੈਰਾਨ ਹੁੰਦੀ ਭੱਜੀ ਆਈ। ਆਉਂਦੇ ਸਾਰ ਉਹ ਵੀਰੇ ਵਾਲੇ ਕਮਰੇ ਚ ਗਈ ਤੇ ਵੀਰੇ ਦੇ ਕਪੜੇ ਠੀਕ ਕਰਨ ਲਈ ਉਸਨੂੰ ਗਲੀਏ ਹੇਠੋਂ ਛੁਰੀ ਦਿਸੀ ਜਿਹੜੀ ਵੀਰੇ ਨੇ "ਕਾਰਾ" ਕਰਨ ਲਈ ਰੱਖੀ ਸੀ। ਚਾਚੀ ਨੇ ਛੁਰੀ ਇੱਕ ਪਾਸੇ ਸੁੱਟ ਦਿੱਤੀ। ਉਸਨੇ ਵੀਰੇ ਵੱਲੋਂ ਕੱਢੀ ਛੁਰੀ ਸਾਰੇ ਦੀ ਇੱਕ ਪਾਸੇ ਕੀਤੀ। ਅਮਲੀ ਦੀਆਂ ਹੁਕਮਵਾਜ਼ਾਂ ਨੂੰ ਵੀਰੇ ਦੀ ਚੁੱਪ ਦਾ ਪਤਾ ਤਾਂ ਲੱਗਾ ਗਿਆ ਸੀ ਪਰ ਉਹ ਹੈਰਾਨ ਹੋਣ ਤੋਂ ਸਿਵਾਏ ਹੋਰ ਕਰ ਵੀ ਸਕਦੀਆਂ ਸਨ !

ਜਨ ਸ਼ਕਤੀ
☎ +44 7775 486841
☎ +91 70092-09345
Jan Shakti News Punjab
www.janshaktinews.com
JAN SHAKTI NEWS PUJAB	JAN SHAKTI NEWS PUJAB	EDITOR@JANSHAKTINEWS.COM	JAN SHAKTI NEWS PUNJAB	JSNPUNJAB	WWW.JANSHAKTINEWS.COM
ਸੰਪਾਦਕ ਕੋ:-	ਸ. ਅਮਨਜੀਤ ਸਿੰਘ ਬਹਿਰਾ	ਫੋਨ:- 98785-23331	ਸਤਨਿੰਦਰ ਸਿੰਘ ਗਿੱਲ	78884-66199	ਯੂ.ਕੇ +44 7775 486841
